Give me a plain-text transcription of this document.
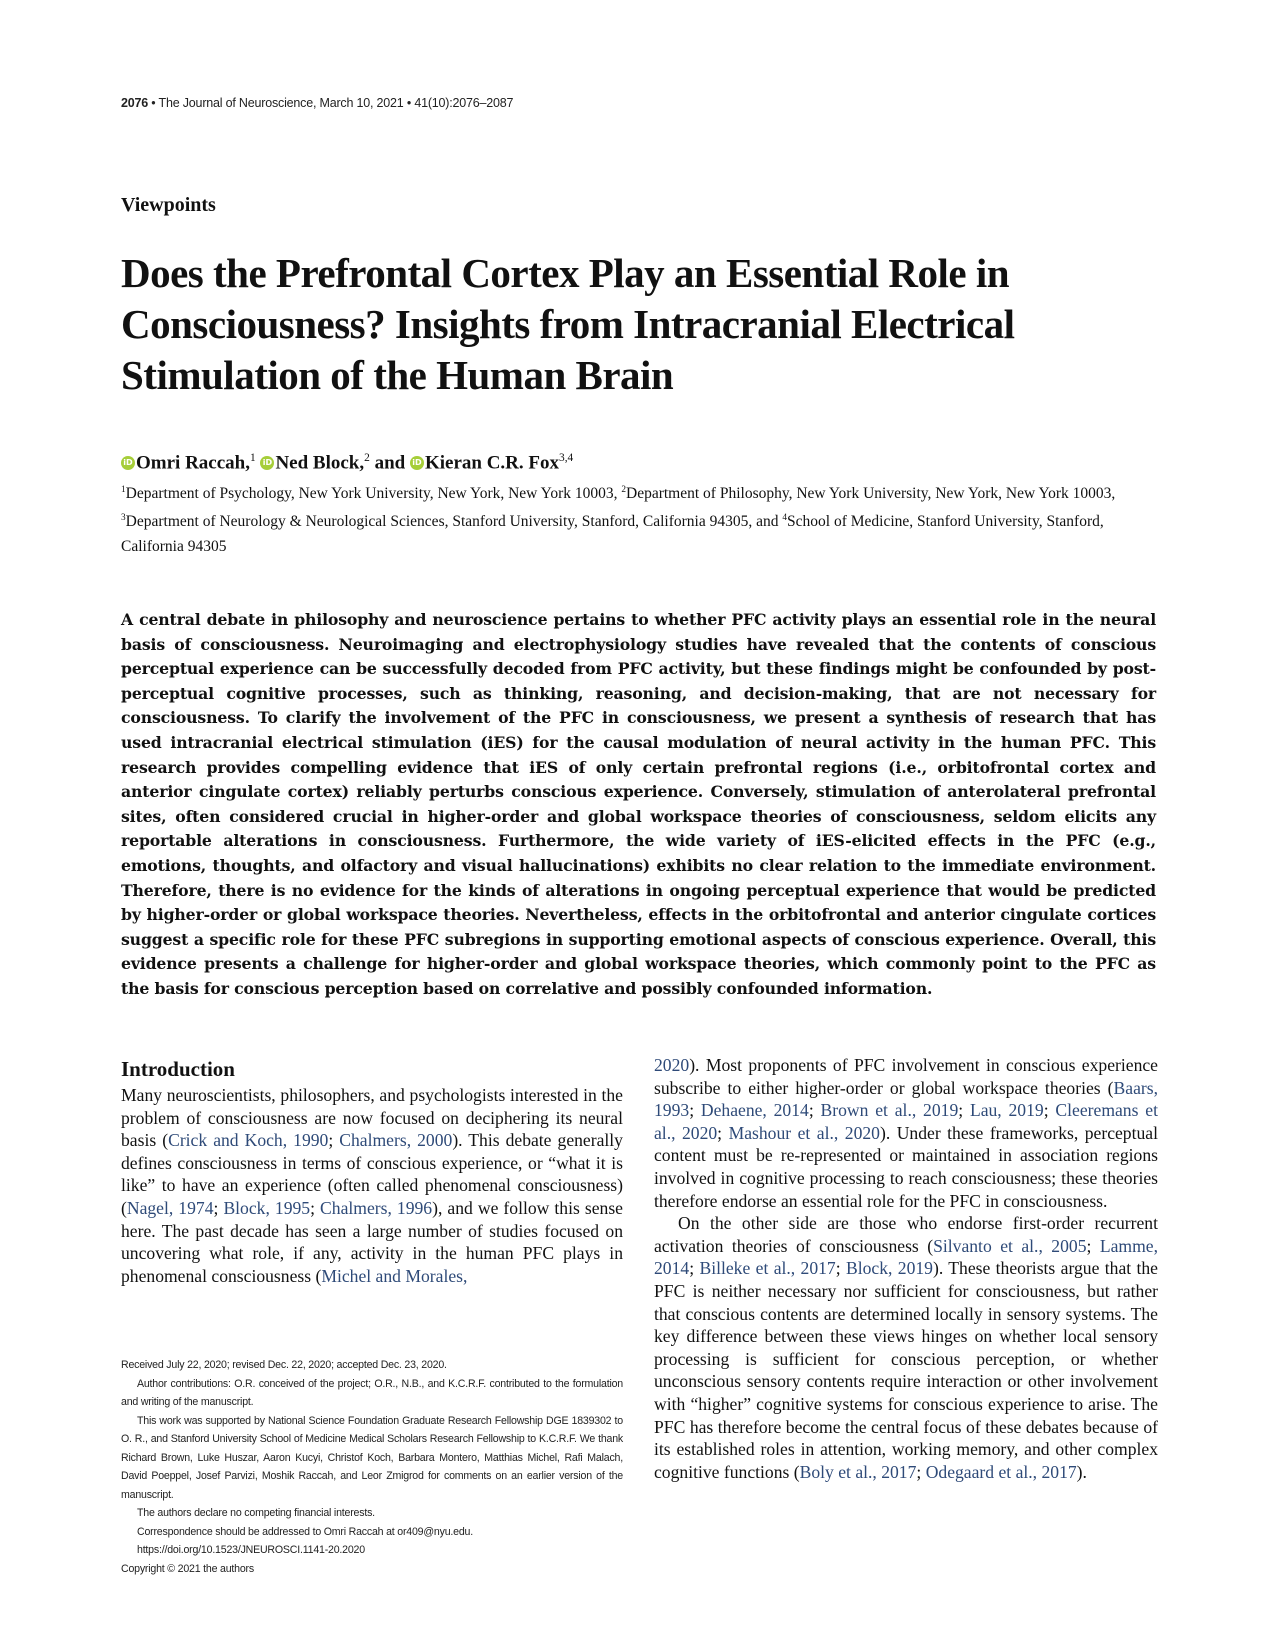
2076 • The Journal of Neuroscience, March 10, 2021 • 41(10):2076–2087
Viewpoints
Does the Prefrontal Cortex Play an Essential Role in Consciousness? Insights from Intracranial Electrical Stimulation of the Human Brain
iD Omri Raccah,$^1$ iD Ned Block,$^2$ and iD Kieran C.R. Fox$^{3,4}$
$^1$Department of Psychology, New York University, New York, New York 10003, $^2$Department of Philosophy, New York University, New York, New York 10003, $^3$Department of Neurology & Neurological Sciences, Stanford University, Stanford, California 94305, and $^4$School of Medicine, Stanford University, Stanford, California 94305
A central debate in philosophy and neuroscience pertains to whether PFC activity plays an essential role in the neural basis of consciousness. Neuroimaging and electrophysiology studies have revealed that the contents of conscious perceptual experience can be successfully decoded from PFC activity, but these findings might be confounded by post-perceptual cognitive processes, such as thinking, reasoning, and decision-making, that are not necessary for consciousness. To clarify the involvement of the PFC in consciousness, we present a synthesis of research that has used intracranial electrical stimulation (iES) for the causal modulation of neural activity in the human PFC. This research provides compelling evidence that iES of only certain prefrontal regions (i.e., orbitofrontal cortex and anterior cingulate cortex) reliably perturbs conscious experience. Conversely, stimulation of anterolateral prefrontal sites, often considered crucial in higher-order and global workspace theories of consciousness, seldom elicits any reportable alterations in consciousness. Furthermore, the wide variety of iES-elicited effects in the PFC (e.g., emotions, thoughts, and olfactory and visual hallucinations) exhibits no clear relation to the immediate environment. Therefore, there is no evidence for the kinds of alterations in ongoing perceptual experience that would be predicted by higher-order or global workspace theories. Nevertheless, effects in the orbitofrontal and anterior cingulate cortices suggest a specific role for these PFC subregions in supporting emotional aspects of conscious experience. Overall, this evidence presents a challenge for higher-order and global workspace theories, which commonly point to the PFC as the basis for conscious perception based on correlative and possibly confounded information.
Introduction

Many neuroscientists, philosophers, and psychologists interested in the problem of consciousness are now focused on deciphering its neural basis (Crick and Koch, 1990; Chalmers, 2000). This debate generally defines consciousness in terms of conscious experience, or “what it is like” to have an experience (often called phenomenal consciousness) (Nagel, 1974; Block, 1995; Chalmers, 1996), and we follow this sense here. The past decade has seen a large number of studies focused on uncovering what role, if any, activity in the human PFC plays in phenomenal consciousness (Michel and Morales,

2020). Most proponents of PFC involvement in conscious experience subscribe to either higher-order or global workspace theories (Baars, 1993; Dehaene, 2014; Brown et al., 2019; Lau, 2019; Cleeremans et al., 2020; Mashour et al., 2020). Under these frameworks, perceptual content must be re-represented or maintained in association regions involved in cognitive processing to reach consciousness; these theories therefore endorse an essential role for the PFC in consciousness.

On the other side are those who endorse first-order recurrent activation theories of consciousness (Silvanto et al., 2005; Lamme, 2014; Billeke et al., 2017; Block, 2019). These theorists argue that the PFC is neither necessary nor sufficient for consciousness, but rather that conscious contents are determined locally in sensory systems. The key difference between these views hinges on whether local sensory processing is sufficient for conscious perception, or whether unconscious sensory contents require interaction or other involvement with “higher” cognitive systems for conscious experience to arise. The PFC has therefore become the central focus of these debates because of its established roles in attention, working memory, and other complex cognitive functions (Boly et al., 2017; Odegaard et al., 2017).

Received July 22, 2020; revised Dec. 22, 2020; accepted Dec. 23, 2020.

Author contributions: O.R. conceived of the project; O.R., N.B., and K.C.R.F. contributed to the formulation and writing of the manuscript.

This work was supported by National Science Foundation Graduate Research Fellowship DGE 1839302 to O. R., and Stanford University School of Medicine Medical Scholars Research Fellowship to K.C.R.F. We thank Richard Brown, Luke Huszar, Aaron Kucyi, Christof Koch, Barbara Montero, Matthias Michel, Rafi Malach, David Poeppel, Josef Parvizi, Moshik Raccah, and Leor Zmigrod for comments on an earlier version of the manuscript.

The authors declare no competing financial interests.

Correspondence should be addressed to Omri Raccah at or409@nyu.edu.

https://doi.org/10.1523/JNEUROSCI.1141-20.2020

Copyright © 2021 the authors
